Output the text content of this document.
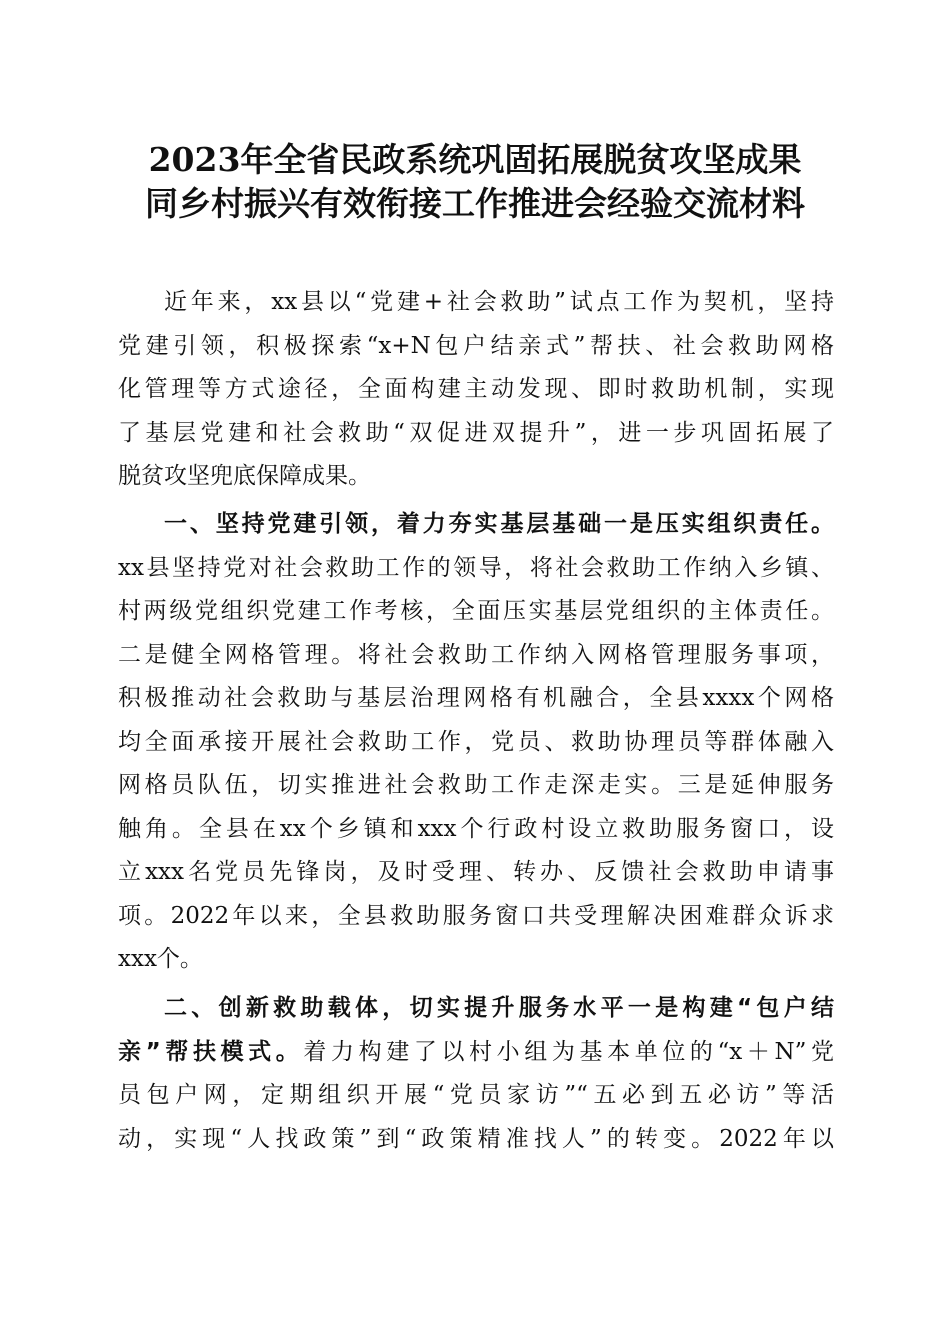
2023年全省民政系统巩固拓展脱贫攻坚成果
同乡村振兴有效衔接工作推进会经验交流材料
近年来，xx县以“党建+社会救助”试点工作为契机，坚持
党建引领，积极探索“x+N包户结亲式”帮扶、社会救助网格
化管理等方式途径，全面构建主动发现、即时救助机制，实现
了基层党建和社会救助“双促进双提升”，进一步巩固拓展了
脱贫攻坚兜底保障成果。
一、坚持党建引领，着力夯实基层基础一是压实组织责任。
xx县坚持党对社会救助工作的领导，将社会救助工作纳入乡镇、
村两级党组织党建工作考核，全面压实基层党组织的主体责任。
二是健全网格管理。将社会救助工作纳入网格管理服务事项，
积极推动社会救助与基层治理网格有机融合，全县xxxx个网格
均全面承接开展社会救助工作，党员、救助协理员等群体融入
网格员队伍，切实推进社会救助工作走深走实。三是延伸服务
触角。全县在xx个乡镇和xxx个行政村设立救助服务窗口，设
立xxx名党员先锋岗，及时受理、转办、反馈社会救助申请事
项。2022年以来，全县救助服务窗口共受理解决困难群众诉求
xxx个。
二、创新救助载体，切实提升服务水平一是构建“包户结
亲”帮扶模式。着力构建了以村小组为基本单位的“x＋N”党
员包户网，定期组织开展“党员家访”“五必到五必访”等活
动，实现“人找政策”到“政策精准找人”的转变。2022年以
